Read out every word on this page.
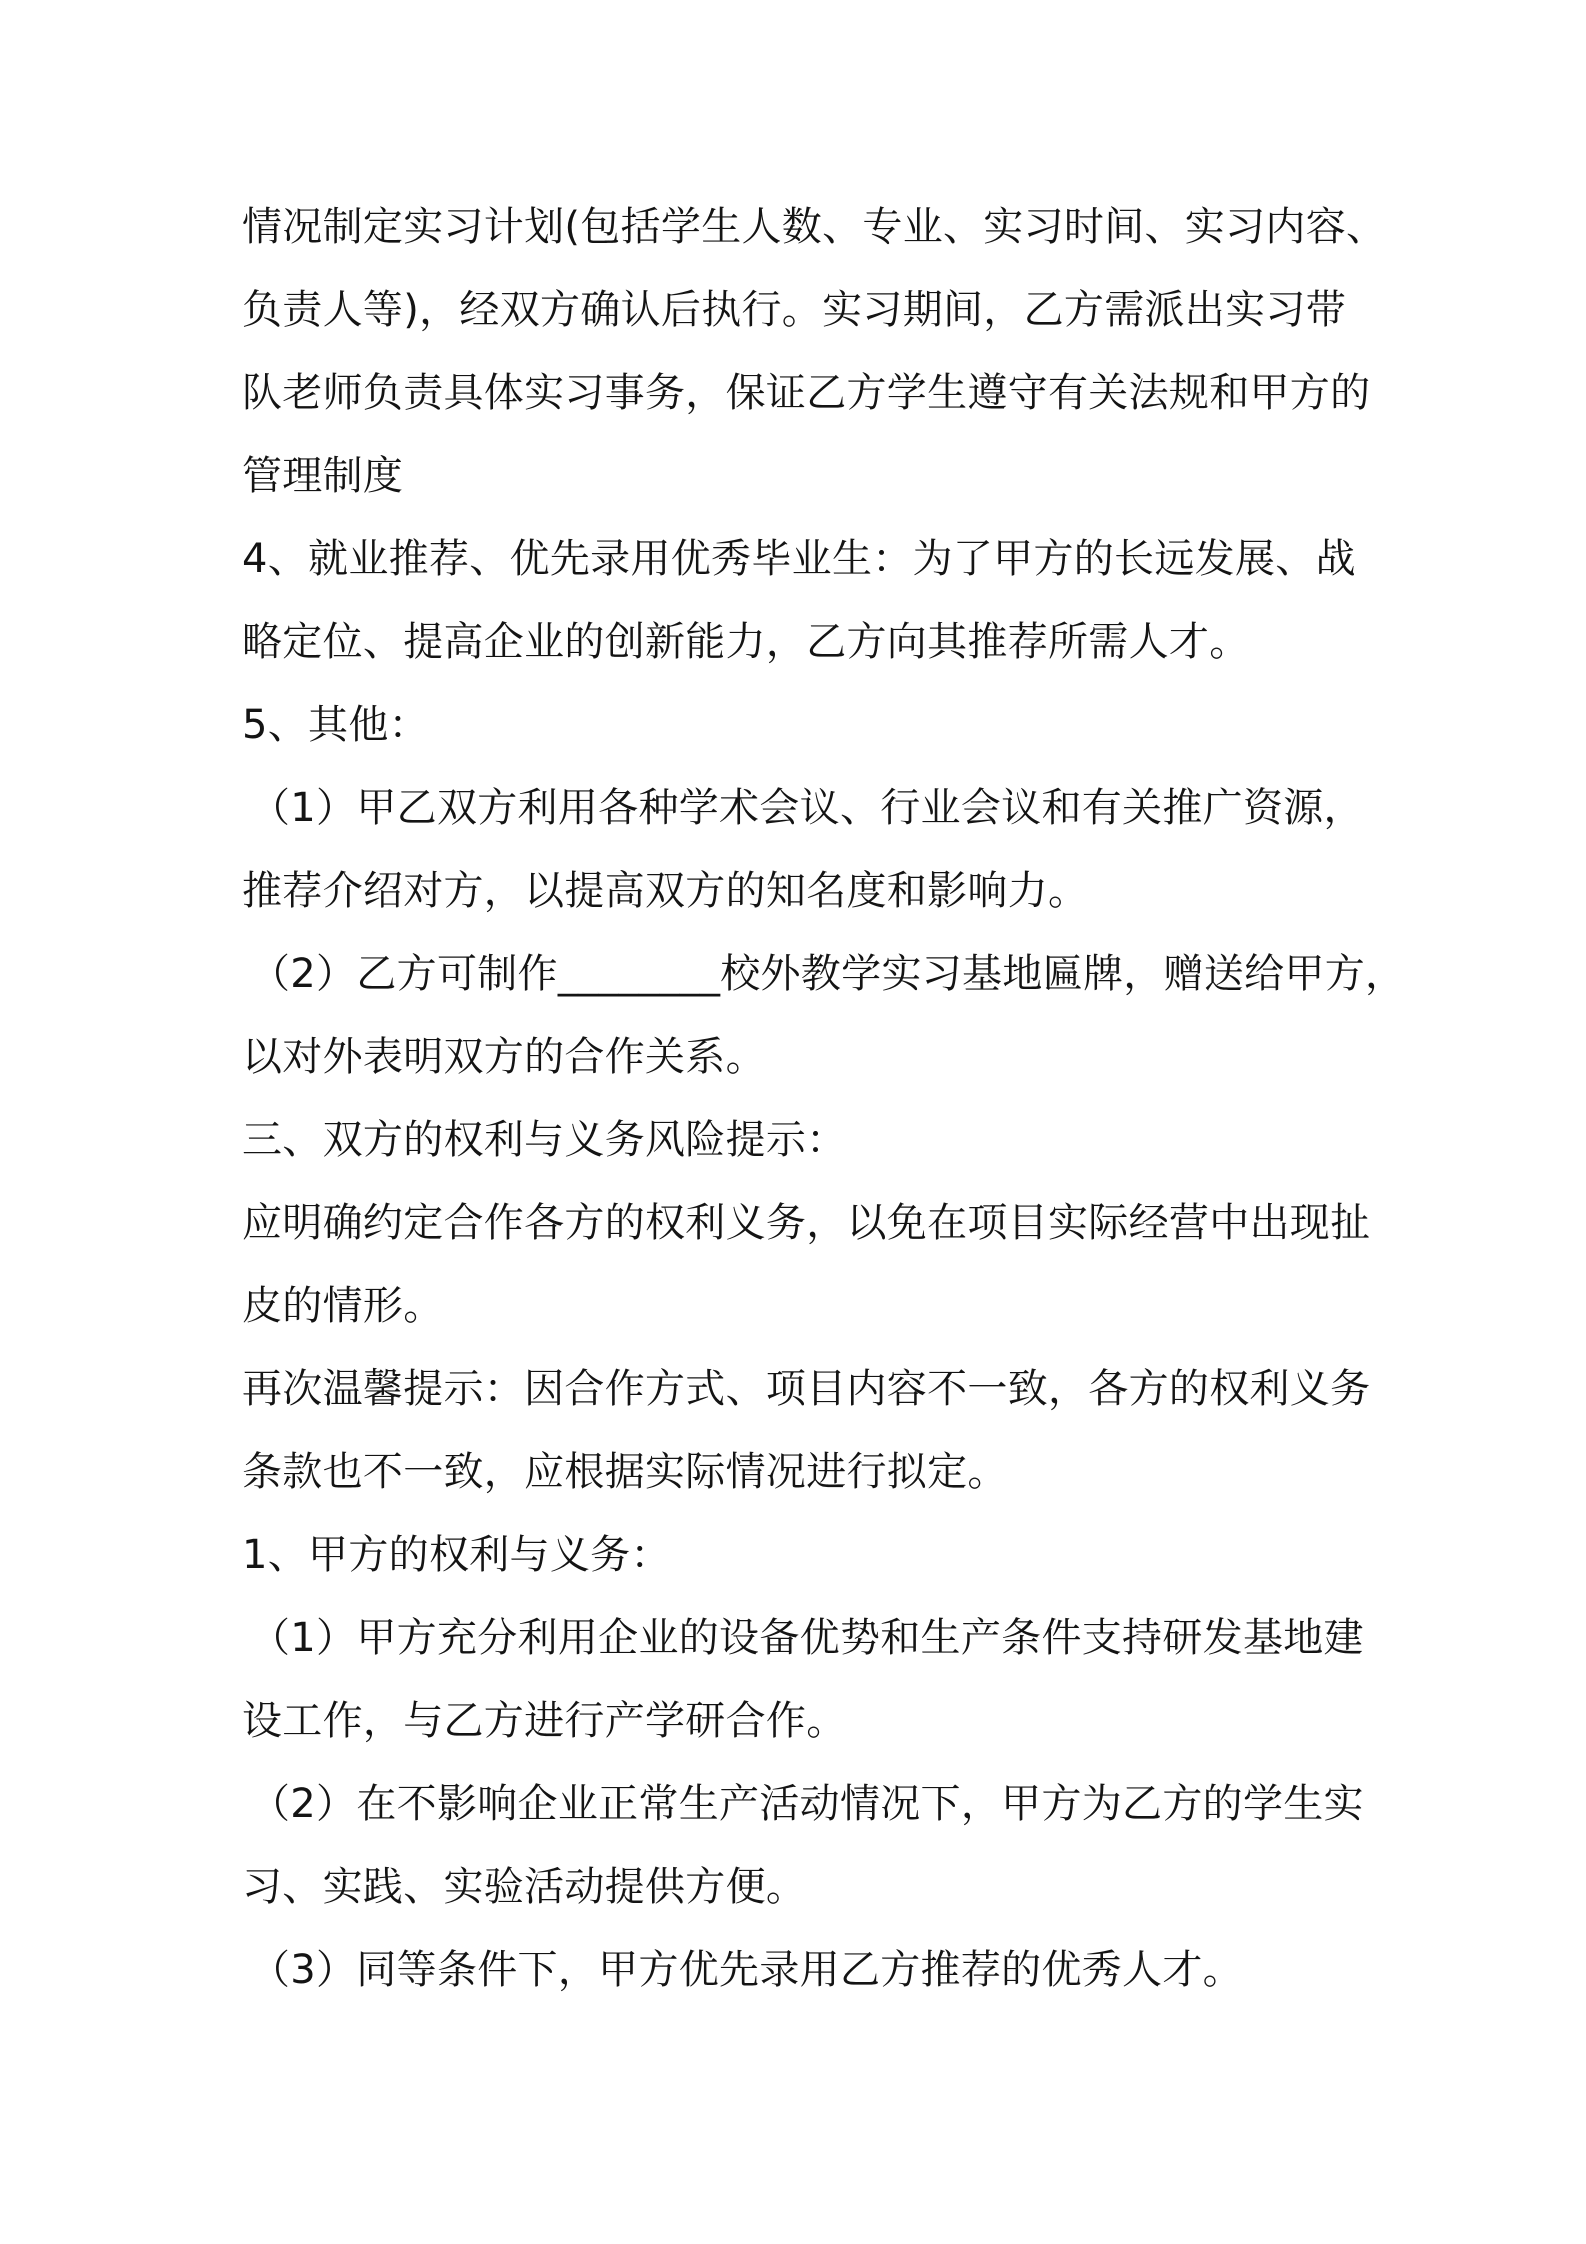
情况制定实习计划(包括学生人数、专业、实习时间、实习内容、
负责人等)，经双方确认后执行。实习期间，乙方需派出实习带
队老师负责具体实习事务，保证乙方学生遵守有关法规和甲方的
管理制度
4、就业推荐、优先录用优秀毕业生：为了甲方的长远发展、战
略定位、提高企业的创新能力，乙方向其推荐所需人才。
5、其他：
（1）甲乙双方利用各种学术会议、行业会议和有关推广资源，
推荐介绍对方，以提高双方的知名度和影响力。
（2）乙方可制作________校外教学实习基地匾牌，赠送给甲方，
以对外表明双方的合作关系。
三、双方的权利与义务风险提示：
应明确约定合作各方的权利义务，以免在项目实际经营中出现扯
皮的情形。
再次温馨提示：因合作方式、项目内容不一致，各方的权利义务
条款也不一致，应根据实际情况进行拟定。
1、甲方的权利与义务：
（1）甲方充分利用企业的设备优势和生产条件支持研发基地建
设工作，与乙方进行产学研合作。
（2）在不影响企业正常生产活动情况下，甲方为乙方的学生实
习、实践、实验活动提供方便。
（3）同等条件下，甲方优先录用乙方推荐的优秀人才。
